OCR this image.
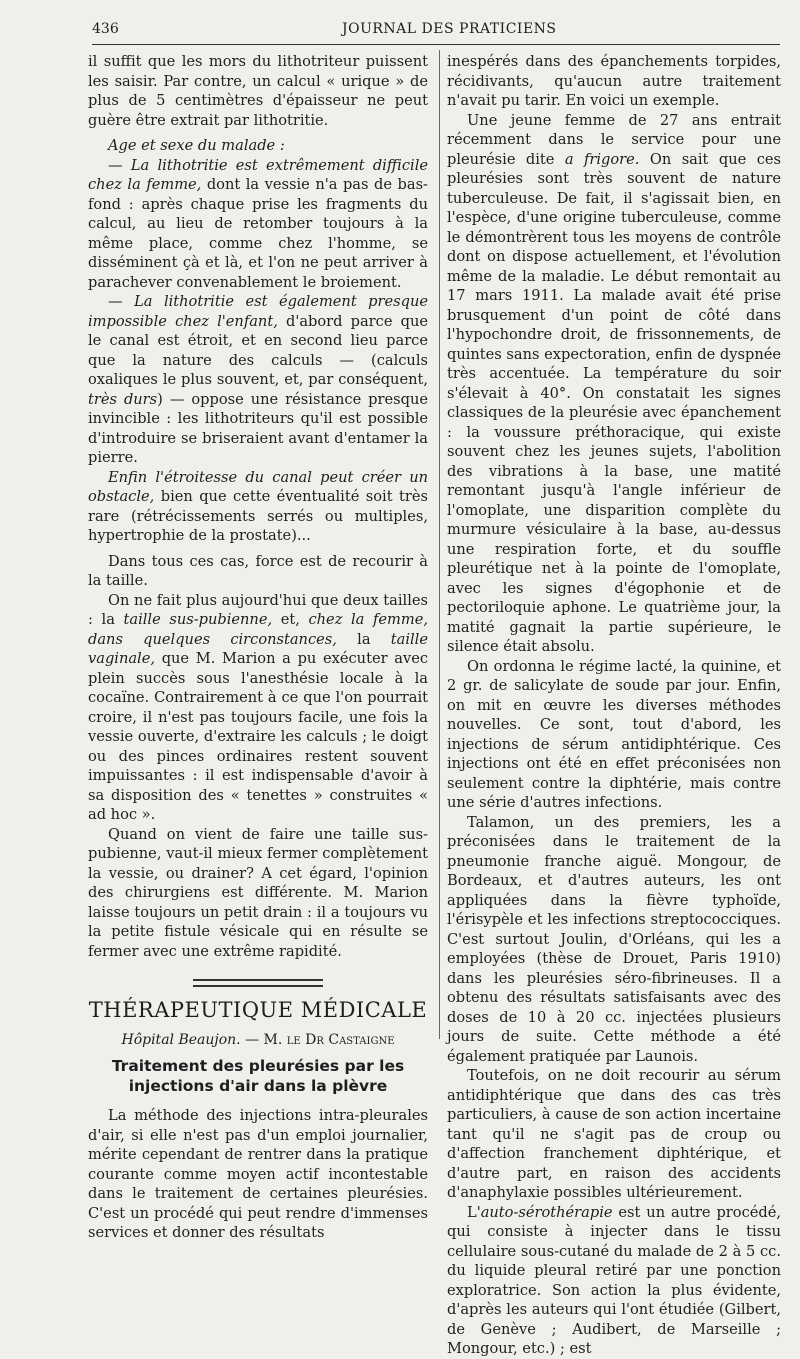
436	JOURNAL DES PRATICIENS

il suffit que les mors du lithotriteur puissent les saisir. Par contre, un calcul « urique » de plus de 5 centimètres d'épaisseur ne peut guère être extrait par lithotritie.

Age et sexe du malade :

— La lithotritie est extrêmement difficile chez la femme, dont la vessie n'a pas de bas-fond : après chaque prise les fragments du calcul, au lieu de retomber toujours à la même place, comme chez l'homme, se disséminent çà et là, et l'on ne peut arriver à parachever convenablement le broiement.

— La lithotritie est également presque impossible chez l'enfant, d'abord parce que le canal est étroit, et en second lieu parce que la nature des calculs — (calculs oxaliques le plus souvent, et, par conséquent, très durs) — oppose une résistance presque invincible : les lithotriteurs qu'il est possible d'introduire se briseraient avant d'entamer la pierre.

Enfin l'étroitesse du canal peut créer un obstacle, bien que cette éventualité soit très rare (rétrécissements serrés ou multiples, hypertrophie de la prostate)...

Dans tous ces cas, force est de recourir à la taille.

On ne fait plus aujourd'hui que deux tailles : la taille sus-pubienne, et, chez la femme, dans quelques circonstances, la taille vaginale, que M. Marion a pu exécuter avec plein succès sous l'anesthésie locale à la cocaïne. Contrairement à ce que l'on pourrait croire, il n'est pas toujours facile, une fois la vessie ouverte, d'extraire les calculs ; le doigt ou des pinces ordinaires restent souvent impuissantes : il est indispensable d'avoir à sa disposition des « tenettes » construites « ad hoc ».

Quand on vient de faire une taille sus-pubienne, vaut-il mieux fermer complètement la vessie, ou drainer? A cet égard, l'opinion des chirurgiens est différente. M. Marion laisse toujours un petit drain : il a toujours vu la petite fistule vésicale qui en résulte se fermer avec une extrême rapidité.

THÉRAPEUTIQUE MÉDICALE
Hôpital Beaujon. — M. le Dr Castaigne
Traitement des pleurésies par les injections d'air dans la plèvre

La méthode des injections intra-pleurales d'air, si elle n'est pas d'un emploi journalier, mérite cependant de rentrer dans la pratique courante comme moyen actif incontestable dans le traitement de certaines pleurésies. C'est un procédé qui peut rendre d'immenses services et donner des résultats

inespérés dans des épanchements torpides, récidivants, qu'aucun autre traitement n'avait pu tarir. En voici un exemple.

Une jeune femme de 27 ans entrait récemment dans le service pour une pleurésie dite a frigore. On sait que ces pleurésies sont très souvent de nature tuberculeuse. De fait, il s'agissait bien, en l'espèce, d'une origine tuberculeuse, comme le démontrèrent tous les moyens de contrôle dont on dispose actuellement, et l'évolution même de la maladie. Le début remontait au 17 mars 1911. La malade avait été prise brusquement d'un point de côté dans l'hypochondre droit, de frissonnements, de quintes sans expectoration, enfin de dyspnée très accentuée. La température du soir s'élevait à 40°. On constatait les signes classiques de la pleurésie avec épanchement : la voussure préthoracique, qui existe souvent chez les jeunes sujets, l'abolition des vibrations à la base, une matité remontant jusqu'à l'angle inférieur de l'omoplate, une disparition complète du murmure vésiculaire à la base, au-dessus une respiration forte, et du souffle pleurétique net à la pointe de l'omoplate, avec les signes d'égophonie et de pectoriloquie aphone. Le quatrième jour, la matité gagnait la partie supérieure, le silence était absolu.

On ordonna le régime lacté, la quinine, et 2 gr. de salicylate de soude par jour. Enfin, on mit en œuvre les diverses méthodes nouvelles. Ce sont, tout d'abord, les injections de sérum antidiphtérique. Ces injections ont été en effet préconisées non seulement contre la diphtérie, mais contre une série d'autres infections.

Talamon, un des premiers, les a préconisées dans le traitement de la pneumonie franche aiguë. Mongour, de Bordeaux, et d'autres auteurs, les ont appliquées dans la fièvre typhoïde, l'érisypèle et les infections streptococciques. C'est surtout Joulin, d'Orléans, qui les a employées (thèse de Drouet, Paris 1910) dans les pleurésies séro-fibrineuses. Il a obtenu des résultats satisfaisants avec des doses de 10 à 20 cc. injectées plusieurs jours de suite. Cette méthode a été également pratiquée par Launois.

Toutefois, on ne doit recourir au sérum antidiphtérique que dans des cas très particuliers, à cause de son action incertaine tant qu'il ne s'agit pas de croup ou d'affection franchement diphtérique, et d'autre part, en raison des accidents d'anaphylaxie possibles ultérieurement.

L'auto-sérothérapie est un autre procédé, qui consiste à injecter dans le tissu cellulaire sous-cutané du malade de 2 à 5 cc. du liquide pleural retiré par une ponction exploratrice. Son action la plus évidente, d'après les auteurs qui l'ont étudiée (Gilbert, de Genève ; Audibert, de Marseille ; Mongour, etc.) ; est
